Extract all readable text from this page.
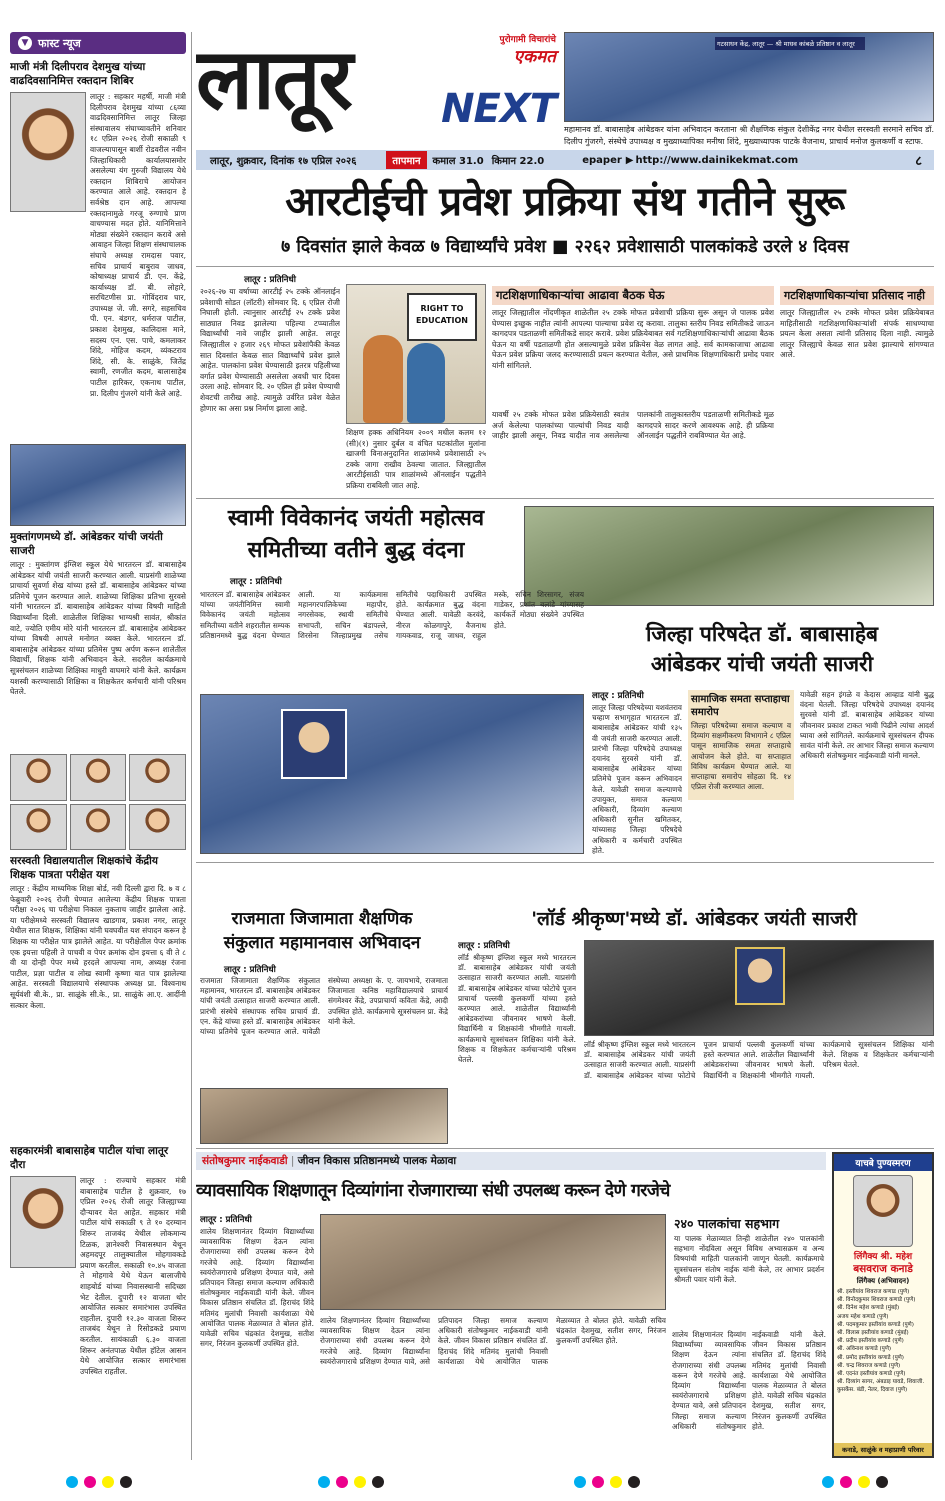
▼ फास्ट न्यूज
माजी मंत्री दिलीपराव देशमुख यांच्या वाढदिवसानिमित्त रक्तदान शिबिर
लातूर : सहकार महर्षी, माजी मंत्री दिलीपराव देशमुख यांच्या ८६व्या वाढदिवसानिमित्त लातूर जिल्हा संस्थावालय संघाच्यावतीने शनिवार १८ एप्रिल २०२६ रोजी सकाळी ९ वाजल्यापासून बार्शी रोडवरील नवीन जिल्हाधिकारी कार्यालयासमोर असलेल्या यंग गुरुजी विद्यालय येथे रक्तदान शिबिराचे आयोजन करण्यात आले आहे. रक्तदान हे सर्वश्रेष्ठ दान आहे. आपल्या रक्तदानामुळे गरजू रुग्णाचे प्राण वाचण्यास मदत होते. यानिमित्ताने मोठ्या संख्येने रक्तदान करावे असे आवाहन जिल्हा शिक्षण संस्थाचालक संघाचे अध्यक्ष रामदास पवार, सचिव प्राचार्य बाबुराव जाधव, कोषाध्यक्ष प्राचार्य डी. एन. केंद्रे, कार्याध्यक्ष डॉ. बी. लोहारे, सरचिटणीस प्रा. गोविंदराव घार, उपाध्यक्ष जे. जी. सगरे, सहसचिव पी. एन. बंडगर, धर्मराज पाटील, प्रकाश देशमुख, कालिदास माने, सदस्य एन. एस. पाचे, कमलाकर शिंदे, मोहिज कदम, व्यंकटराव शिंदे, सी. के. साळुंके, जितेंद्र स्वामी, रणजीत कदम, बालासाहेब पाटील हारिकर, एकनाथ पाटील, प्रा. दिलीप गुंजरगे यांनी केले आहे.
मुक्तांगणमध्ये डॉ. आंबेडकर यांची जयंती साजरी
लातूर : मुक्तांगण इंग्लिश स्कूल येथे भारतरत्न डॉ. बाबासाहेब आंबेडकर यांची जयंती साजरी करण्यात आली. याप्रसंगी शाळेच्या प्राचार्या सुवर्णा शेख यांच्या हस्ते डॉ. बाबासाहेब आंबेडकर यांच्या प्रतिमेचे पूजन करण्यात आले. शाळेच्या शिक्षिका प्रतिभा सुरवसे यांनी भारतरत्न डॉ. बाबासाहेब आंबेडकर यांच्या विषयी माहिती विद्यार्थ्यांना दिली. शाळेतील शिक्षिका भाग्यश्री सावंत, श्रीकांत वाटे, ज्योति एमीय मोरे यांनी भारतरत्न डॉ. बाबासाहेब आंबेडकर यांच्या विषयी आपले मनोगत व्यक्त केले. भारतरत्न डॉ. बाबासाहेब आंबेडकर यांच्या प्रतिमेस पुष्प अर्पण करून शालेतील विद्यार्थी, शिक्षक यांनी अभिवादन केले. सदरील कार्यक्रमाचे सूत्रसंचलन शाळेच्या शिक्षिका माधुरी वाघमारे यांनी केले. कार्यक्रम यशस्वी करण्यासाठी शिक्षिका व शिक्षकेतर कर्मचारी यांनी परिश्रम घेतले.
सरस्वती विद्यालयातील शिक्षकांचे केंद्रीय शिक्षक पात्रता परीक्षेत यश
लातूर : केंद्रीय माध्यमिक शिक्षा बोर्ड, नवी दिल्ली द्वारा दि. ७ व ८ फेब्रुवारी २०२६ रोजी घेण्यात आलेल्या केंद्रीय शिक्षक पात्रता परीक्षा २०२६ चा परीक्षेचा निकाल नुकताच जाहीर झालेला आहे. या परीक्षेमध्ये सरस्वती विद्यालय खाडगाव, प्रकाश नगर, लातूर येथील सात शिक्षक, शिक्षिका यांनी घवघवीत यश संपादन करून हे शिक्षक या परीक्षेत पात्र झालेले आहेत. या परीक्षेतील पेपर क्रमांक एक इयत्ता पहिली ते पाचवी व पेपर क्रमांक दोन इयत्ता ६ वी ते ८ वी या दोन्ही पेपर मध्ये हरदले आपल्या नाम, अध्यक्ष रंजना पाटील, प्रज्ञा पाटील व लोख स्वामी कृष्णा यात पात्र झालेल्या आहेत. सरस्वती विद्यालयाचे संस्थापक अध्यक्ष प्रा. विश्वनाथ सूर्यवंशी बी.के., प्रा. साळुंके सी.के., प्रा. साळुंके आ.ए. आदींनी सत्कार केला.
सहकारमंत्री बाबासाहेब पाटील यांचा लातूर दौरा
लातूर : राज्याचे सहकार मंत्री बाबासाहेब पाटील हे शुक्रवार, १७ एप्रिल २०२६ रोजी लातूर जिल्ह्याच्या दौऱ्यावर येत आहेत. सहकार मंत्री पाटील यांचे सकाळी ९ ते १० दरम्यान शिरूर ताजबंद येथील लोकमान्य टिळक, ज्ञानेश्वरी निवासस्थान येथून अहमदपूर तालुक्यातील मोहगावकडे प्रयाण करतील. सकाळी १०.४५ वाजता ते मोहगावे येथे येऊन बालाजीचे शाहबोर्ड यांच्या निवासस्थानी सदिच्छा भेट देतील. दुपारी १२ वाजता थोर आयोजित सत्कार समारंभास उपस्थित राहतील. दुपारी १२.३० वाजता शिरूर ताजबंद येथून ते रिसोडकडे प्रयाण करतील. सायंकाळी ६.३० वाजता शिरूर अनंतपाळ येथील हॉटेल आसन येथे आयोजित सत्कार समारंभास उपस्थित राहतील.
लातूर	पुरोगामी विचारांचे
एकमत
NEXT
गटसाधन केंद्र, लातूर — श्री माधव कांबळे प्रतिष्ठान व लातूर
महामानव डॉ. बाबासाहेब आंबेडकर यांना अभिवादन करताना श्री शैक्षणिक संकुल देशीकेंद्र नगर येथील सरस्वती सरमाने सचिव डॉ. दिलीप गुंजरगे, संस्थेचे उपाध्यक्ष व मुख्याध्यापिका मनीषा शिंदे, मुख्याध्यापक पाटके वैजनाथ, प्राचार्य मनोज कुलकर्णी व स्टाफ.
लातूर, शुक्रवार, दिनांक १७ एप्रिल २०२६	तापमान	कमाल 31.0 किमान 22.0	epaper ▶ http://www.dainikekmat.com	८
आरटीईची प्रवेश प्रक्रिया संथ गतीने सुरू
७ दिवसांत झाले केवळ ७ विद्यार्थ्यांचे प्रवेश ■ २२६२ प्रवेशासाठी पालकांकडे उरले ४ दिवस
लातूर : प्रतिनिधी
२०२६-२७ या वर्षाच्या आरटीई २५ टक्के ऑनलाईन प्रवेशाची सोडत (लॉटरी) सोमवार दि. ६ एप्रिल रोजी निघाली होती. त्यानुसार आरटीई २५ टक्के प्रवेश साठ्यात निवड झालेल्या पहिल्या टप्प्यातील विद्यार्थ्यांची नावे जाहीर झाली आहेत. लातूर जिल्ह्यातील २ हजार २६९ मोफत प्रवेशांपैकी केवळ सात दिवसांत केवळ सात विद्यार्थ्यांचे प्रवेश झाले आहेत. पालकांना प्रवेश घेण्यासाठी इतरत्र पहिलीच्या वर्गात प्रवेश घेण्यासाठी असलेला अवधी चार दिवस उरला आहे. सोमवार दि. २० एप्रिल ही प्रवेश घेण्याची शेवटची तारीख आहे. त्यामुळे उर्वरित प्रवेश वेळेत होणार का असा प्रश्न निर्माण झाला आहे.
RIGHT TO EDUCATION
शिक्षण हक्क अधिनियम २००९ मधील कलम १२ (सी)(१) नुसार दुर्बल व वंचित घटकांतील मुलांना खाजगी विनाअनुदानित शाळांमध्ये प्रवेशासाठी २५ टक्के जागा राखीव ठेवल्या जातात. जिल्ह्यातील आरटीईसाठी पात्र शाळांमध्ये ऑनलाईन पद्धतीने प्रक्रिया राबविली जात आहे.
गटशिक्षणाधिकाऱ्यांचा आढावा बैठक घेऊ
लातूर जिल्ह्यातील नोंदणीकृत शाळेतील २५ टक्के मोफत प्रवेशाची प्रक्रिया सुरू असून जे पालक प्रवेश घेण्यास इच्छुक नाहीत त्यांनी आपल्या पाल्याचा प्रवेश रद्द करावा. तालुका स्तरीय निवड समितीकडे जाऊन कागदपत्र पडताळणी समितीकडे सादर करावे. प्रवेश प्रक्रियेबाबत सर्व गटशिक्षणाधिकाऱ्यांची आढावा बैठक घेऊन या वर्षी पडताळणी होत असल्यामुळे प्रवेश प्रक्रियेस वेळ लागत आहे. सर्व कामकाजाचा आढावा घेऊन प्रवेश प्रक्रिया जलद करण्यासाठी प्रयत्न करण्यात येतील, असे प्राथमिक शिक्षणाधिकारी प्रमोद पवार यांनी सांगितले.
यावर्षी २५ टक्के मोफत प्रवेश प्रक्रियेसाठी स्वतंत्र अर्ज केलेल्या पालकांच्या पाल्यांची निवड यादी जाहीर झाली असून, निवड यादीत नाव असलेल्या पालकांनी तालुकास्तरीय पडताळणी समितीकडे मूळ कागदपत्रे सादर करणे आवश्यक आहे. ही प्रक्रिया ऑनलाईन पद्धतीने राबविण्यात येत आहे.
गटशिक्षणाधिकाऱ्यांचा प्रतिसाद नाही
लातूर जिल्ह्यातील २५ टक्के मोफत प्रवेश प्रक्रियेबाबत माहितीसाठी गटशिक्षणाधिकाऱ्यांशी संपर्क साधण्याचा प्रयत्न केला असता त्यांनी प्रतिसाद दिला नाही. त्यामुळे लातूर जिल्ह्याचे केवळ सात प्रवेश झाल्याचे सांगण्यात आले.
स्वामी विवेकानंद जयंती महोत्सव
समितीच्या वतीने बुद्ध वंदना
लातूर : प्रतिनिधी
भारतरत्न डॉ. बाबासाहेब आंबेडकर यांच्या जयंतीनिमित्त स्वामी विवेकानंद जयंती महोत्सव समितीच्या वतीने शहरातील सम्यक प्रतिष्ठानमध्ये बुद्ध वंदना घेण्यात आली. या कार्यक्रमास महानगरपालिकेच्या महापौर, नगरसेवक, स्थायी समितीचे सभापती, सचिन बंडापल्ले, शिरसेना जिल्हाप्रमुख तसेच समितीचे पदाधिकारी उपस्थित होते. कार्यक्रमात बुद्ध वंदना घेण्यात आली. यावेळी करवंदे, नीरज कोळगापुरे, वैजनाथ गायकवाड, राजू जाधव, राहुल मस्के, सचिन शिरसागर, संजय गाडेकर, प्रशांत बलांडे यांच्यासह कार्यकर्ते मोठ्या संख्येने उपस्थित होते.	जिल्हा परिषदेत डॉ. बाबासाहेब
आंबेडकर यांची जयंती साजरी
लातूर : प्रतिनिधी
लातूर जिल्हा परिषदेच्या यशवंतराव चव्हाण सभागृहात भारतरत्न डॉ. बाबासाहेब आंबेडकर यांची १३५ वी जयंती साजरी करण्यात आली. प्रारंभी जिल्हा परिषदेचे उपाध्यक्ष दयानंद सुरवसे यांनी डॉ. बाबासाहेब आंबेडकर यांच्या प्रतिमेचे पूजन करून अभिवादन केले. यावेळी समाज कल्याणचे उपायुक्त, समाज कल्याण अधिकारी, दिव्यांग कल्याण अधिकारी सुनील खमितकर, यांच्यासह जिल्हा परिषदेचे अधिकारी व कर्मचारी उपस्थित होते.
सामाजिक समता सप्ताहाचा समारोप
जिल्हा परिषदेच्या समाज कल्याण व दिव्यांग सक्षमीकरण विभागाने ८ एप्रिल पासून सामाजिक समता सप्ताहाचे आयोजन केले होते. या सप्ताहात विविध कार्यक्रम घेण्यात आले. या सप्ताहाचा समारोप सोहळा दि. १४ एप्रिल रोजी करण्यात आला.
यावेळी सहन इंगळे व केदास आव्हाड यांनी बुद्ध वंदना घेतली. जिल्हा परिषदेचे उपाध्यक्ष दयानंद सुरवसे यांनी डॉ. बाबासाहेब आंबेडकर यांच्या जीवनावर प्रकाश टाकत भावी पिढीने त्यांचा आदर्श घ्यावा असे सांगितले. कार्यक्रमाचे सूत्रसंचलन दीपक सावंत यांनी केले. तर आभार जिल्हा समाज कल्याण अधिकारी संतोषकुमार नाईकवाडी यांनी मानले.
राजमाता जिजामाता शैक्षणिक
संकुलात महामानवास अभिवादन
लातूर : प्रतिनिधी
राजमाता जिजामाता शैक्षणिक संकुलात महामानव, भारतरत्न डॉ. बाबासाहेब आंबेडकर यांची जयंती उत्साहात साजरी करण्यात आली. प्रारंभी संस्थेचे संस्थापक सचिव प्राचार्य डी. एन. केंद्रे यांच्या हस्ते डॉ. बाबासाहेब आंबेडकर यांच्या प्रतिमेचे पूजन करण्यात आले. यावेळी संस्थेच्या अध्यक्षा के. ए. जायभाये, राजमाता जिजामाता कनिष्ठ महाविद्यालयाचे प्राचार्य संगमेश्वर केंद्रे, उपप्राचार्या कविता केंद्रे, आदी उपस्थित होते. कार्यक्रमाचे सूत्रसंचलन प्रा. केंद्रे यांनी केले.
'लॉर्ड श्रीकृष्ण'मध्ये डॉ. आंबेडकर जयंती साजरी
लातूर : प्रतिनिधी
लॉर्ड श्रीकृष्ण इंग्लिश स्कूल मध्ये भारतरत्न डॉ. बाबासाहेब आंबेडकर यांची जयंती उत्साहात साजरी करण्यात आली. याप्रसंगी डॉ. बाबासाहेब आंबेडकर यांच्या फोटोचे पूजन प्राचार्या पल्लवी कुलकर्णी यांच्या हस्ते करण्यात आले. शाळेतील विद्यार्थ्यांनी आंबेडकरांच्या जीवनावर भाषणे केली. विद्यार्थिनी व शिक्षकांनी भीमगीते गायली. कार्यक्रमाचे सूत्रसंचलन शिक्षिका यांनी केले. शिक्षक व शिक्षकेतर कर्मचाऱ्यांनी परिश्रम घेतले.
लॉर्ड श्रीकृष्ण इंग्लिश स्कूल मध्ये भारतरत्न डॉ. बाबासाहेब आंबेडकर यांची जयंती उत्साहात साजरी करण्यात आली. याप्रसंगी डॉ. बाबासाहेब आंबेडकर यांच्या फोटोचे पूजन प्राचार्या पल्लवी कुलकर्णी यांच्या हस्ते करण्यात आले. शाळेतील विद्यार्थ्यांनी आंबेडकरांच्या जीवनावर भाषणे केली. विद्यार्थिनी व शिक्षकांनी भीमगीते गायली. कार्यक्रमाचे सूत्रसंचलन शिक्षिका यांनी केले. शिक्षक व शिक्षकेतर कर्मचाऱ्यांनी परिश्रम घेतले.
संतोषकुमार नाईकवाडी | जीवन विकास प्रतिष्ठानमध्ये पालक मेळावा
व्यावसायिक शिक्षणातून दिव्यांगांना रोजगाराच्या संधी उपलब्ध करून देणे गरजेचे
लातूर : प्रतिनिधी
शालेय शिक्षणानंतर दिव्यांग विद्यार्थ्यांच्या व्यावसायिक शिक्षण देऊन त्यांना रोजगाराच्या संधी उपलब्ध करून देणे गरजेचे आहे. दिव्यांग विद्यार्थ्यांना स्वयंरोजगाराचे प्रशिक्षण देण्यात यावे, असे प्रतिपादन जिल्हा समाज कल्याण अधिकारी संतोषकुमार नाईकवाडी यांनी केले. जीवन विकास प्रतिष्ठान संचलित डॉ. हिराचंद शिंदे मतिमंद मुलांची निवासी कार्यशाळा येथे आयोजित पालक मेळाव्यात ते बोलत होते. यावेळी सचिव चंद्रकांत देशमुख, सतीश सगर, निरंजन कुलकर्णी उपस्थित होते.
शालेय शिक्षणानंतर दिव्यांग विद्यार्थ्यांच्या व्यावसायिक शिक्षण देऊन त्यांना रोजगाराच्या संधी उपलब्ध करून देणे गरजेचे आहे. दिव्यांग विद्यार्थ्यांना स्वयंरोजगाराचे प्रशिक्षण देण्यात यावे, असे प्रतिपादन जिल्हा समाज कल्याण अधिकारी संतोषकुमार नाईकवाडी यांनी केले. जीवन विकास प्रतिष्ठान संचलित डॉ. हिराचंद शिंदे मतिमंद मुलांची निवासी कार्यशाळा येथे आयोजित पालक मेळाव्यात ते बोलत होते. यावेळी सचिव चंद्रकांत देशमुख, सतीश सगर, निरंजन कुलकर्णी उपस्थित होते.
२४० पालकांचा सहभाग
या पालक मेळाव्यात तिन्ही शाळेतील २४० पालकांनी सहभाग नोंदविला असून विविध अभ्यासक्रम व अन्य विषयांची माहिती पालकांनी जाणून घेतली. कार्यक्रमाचे सूत्रसंचलन संतोष नाईक यांनी केले, तर आभार प्रदर्शन श्रीमती पवार यांनी केले.
शालेय शिक्षणानंतर दिव्यांग विद्यार्थ्यांच्या व्यावसायिक शिक्षण देऊन त्यांना रोजगाराच्या संधी उपलब्ध करून देणे गरजेचे आहे. दिव्यांग विद्यार्थ्यांना स्वयंरोजगाराचे प्रशिक्षण देण्यात यावे, असे प्रतिपादन जिल्हा समाज कल्याण अधिकारी संतोषकुमार नाईकवाडी यांनी केले. जीवन विकास प्रतिष्ठान संचलित डॉ. हिराचंद शिंदे मतिमंद मुलांची निवासी कार्यशाळा येथे आयोजित पालक मेळाव्यात ते बोलत होते. यावेळी सचिव चंद्रकांत देशमुख, सतीश सगर, निरंजन कुलकर्णी उपस्थित होते.
याचबे पुण्यस्मरण
लिंगैक्य श्री. महेश
बसवराज कनाडे
लिंगैक्य (अभिवादन)
श्री. इस्तीयांव शिवराज कणाड (पुणे)
श्री. विनोदकुमार शिवराज कणाडे (पुणे)
श्री. दिनेश महेश कणाडे (मुंबई)
अजय महेश कणाडे (पुणे)
श्री. पदमकुमार इस्तीयांव कणाडे (पुणे)
श्री. विलास इस्तीयांव कणाडे (मुंबई)
श्री. प्रदीप इस्तीयांव कणाडे (पुणे)
श्री. अविनाश कणाडे (पुणे)
श्री. प्रमोद इस्तीयांव कणाडे (पुणे)
श्री. चन्द्र शिवराज कणाडे (पुणे)
श्री. एदनंत इस्तीयांव कणाडे (पुणे)
श्री. दिव्यांग सागर, अंबडाइ यावडे, शिवाजी.
कुसकेंस. बंडी, नेलर, दिवाज (पुणे)
कनाडे, साळुंके व महाप्राणी परिवार
